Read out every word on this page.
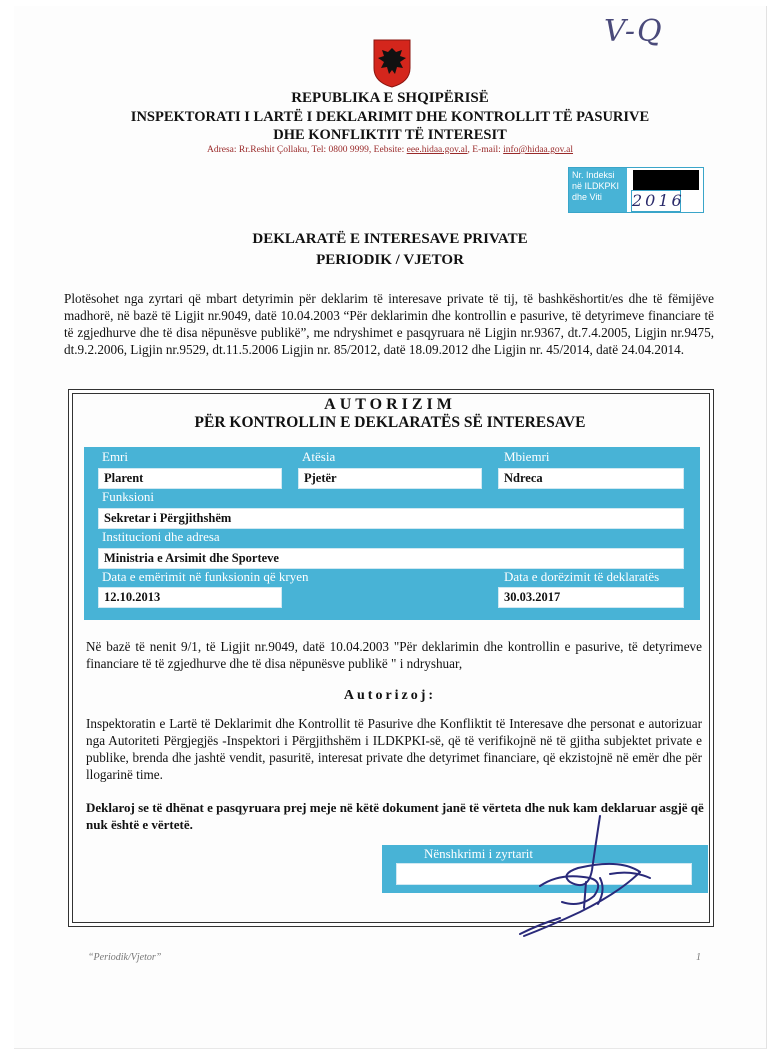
V-Q
REPUBLIKA E SHQIPËRISË
INSPEKTORATI I LARTË I DEKLARIMIT DHE KONTROLLIT TË PASURIVE
DHE KONFLIKTIT TË INTERESIT
Adresa: Rr.Reshit Çollaku, Tel: 0800 9999, Eebsite: eee.hidaa.gov.al, E-mail: info@hidaa.gov.al
Nr. Indeksi në ILDKPKI dhe Viti	2016
DEKLARATË E INTERESAVE PRIVATE
PERIODIK / VJETOR
Plotësohet nga zyrtari që mbart detyrimin për deklarim të interesave private të tij, të bashkëshortit/es dhe të fëmijëve madhorë, në bazë të Ligjit nr.9049, datë 10.04.2003 “Për deklarimin dhe kontrollin e pasurive, të detyrimeve financiare të të zgjedhurve dhe të disa nëpunësve publikë”, me ndryshimet e pasqyruara në Ligjin nr.9367, dt.7.4.2005, Ligjin nr.9475, dt.9.2.2006, Ligjin nr.9529, dt.11.5.2006 Ligjin nr. 85/2012, datë 18.09.2012 dhe Ligjin nr. 45/2014, datë 24.04.2014.
AUTORIZIM
PËR KONTROLLIN E DEKLARATËS SË INTERESAVE
Emri	Atësia	Mbiemri
Plarent	Pjetër	Ndreca
Funksioni
Sekretar i Përgjithshëm
Institucioni dhe adresa
Ministria e Arsimit dhe Sporteve
Data e emërimit në funksionin që kryen	Data e dorëzimit të deklaratës
12.10.2013	30.03.2017
Në bazë të nenit 9/1, të Ligjit nr.9049, datë 10.04.2003 "Për deklarimin dhe kontrollin e pasurive, të detyrimeve financiare të të zgjedhurve dhe të disa nëpunësve publikë " i ndryshuar,
Autorizoj:
Inspektoratin e Lartë të Deklarimit dhe Kontrollit të Pasurive dhe Konfliktit të Interesave dhe personat e autorizuar nga Autoriteti Përgjegjës -Inspektori i Përgjithshëm i ILDKPKI-së, që të verifikojnë në të gjitha subjektet private e publike, brenda dhe jashtë vendit, pasuritë, interesat private dhe detyrimet financiare, që ekzistojnë në emër dhe për llogarinë time.
Deklaroj se të dhënat e pasqyruara prej meje në këtë dokument janë të vërteta dhe nuk kam deklaruar asgjë që nuk është e vërtetë.
Nënshkrimi i zyrtarit
“Periodik/Vjetor”	1
